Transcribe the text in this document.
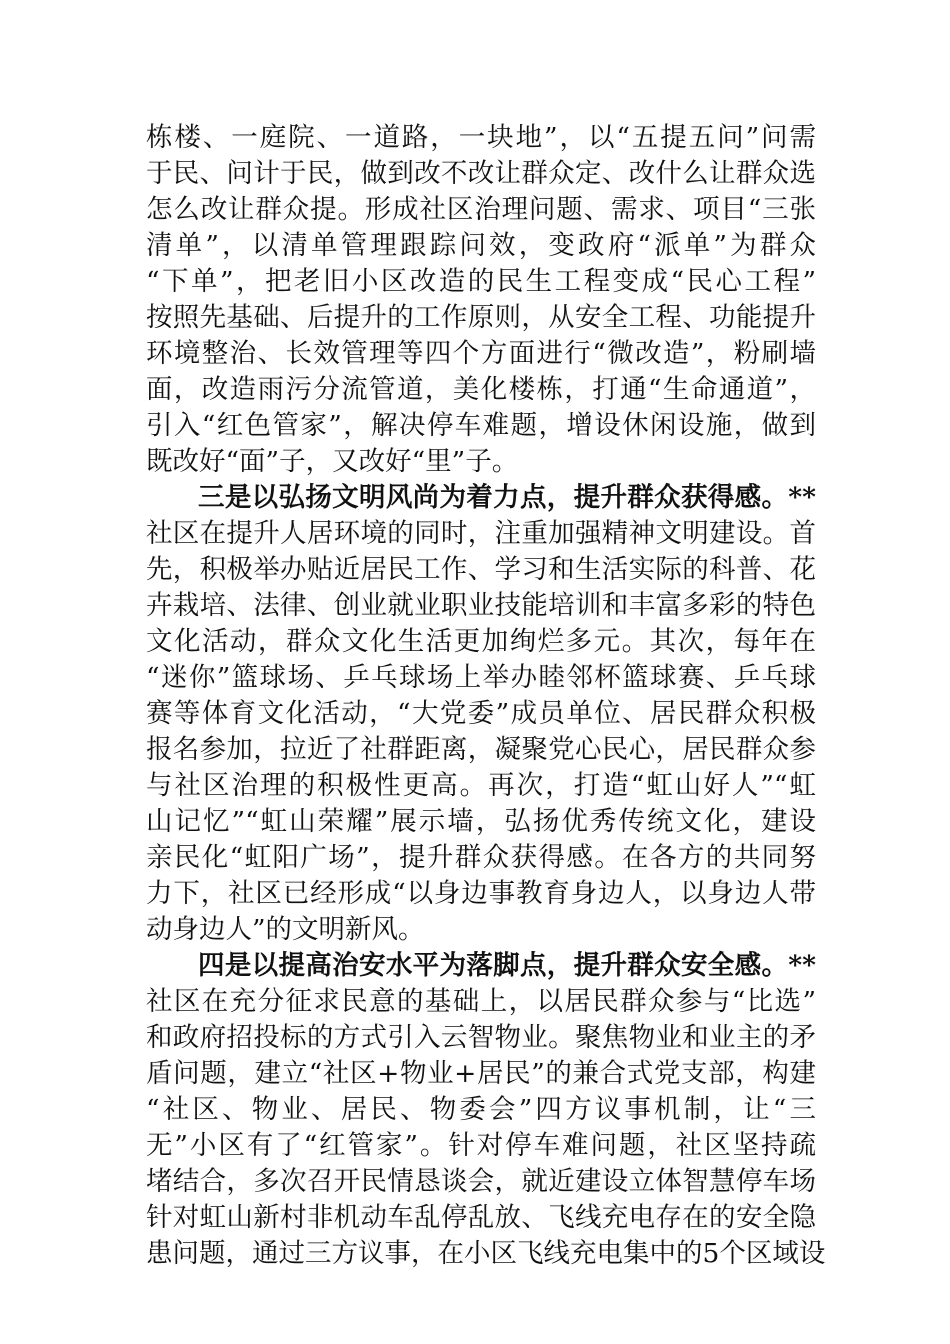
栋楼、一庭院、一道路，一块地”，以“五提五问”问需
于民、问计于民，做到改不改让群众定、改什么让群众选
怎么改让群众提。形成社区治理问题、需求、项目“三张
清单”，以清单管理跟踪问效，变政府“派单”为群众
“下单”，把老旧小区改造的民生工程变成“民心工程”
按照先基础、后提升的工作原则，从安全工程、功能提升
环境整治、长效管理等四个方面进行“微改造”，粉刷墙
面，改造雨污分流管道，美化楼栋，打通“生命通道”，
引入“红色管家”，解决停车难题，增设休闲设施，做到
既改好“面”子，又改好“里”子。
三是以弘扬文明风尚为着力点，提升群众获得感。**
社区在提升人居环境的同时，注重加强精神文明建设。首
先，积极举办贴近居民工作、学习和生活实际的科普、花
卉栽培、法律、创业就业职业技能培训和丰富多彩的特色
文化活动，群众文化生活更加绚烂多元。其次，每年在
“迷你”篮球场、乒乓球场上举办睦邻杯篮球赛、乒乓球
赛等体育文化活动，“大党委”成员单位、居民群众积极
报名参加，拉近了社群距离，凝聚党心民心，居民群众参
与社区治理的积极性更高。再次，打造“虹山好人”“虹
山记忆”“虹山荣耀”展示墙，弘扬优秀传统文化，建设
亲民化“虹阳广场”，提升群众获得感。在各方的共同努
力下，社区已经形成“以身边事教育身边人，以身边人带
动身边人”的文明新风。
四是以提高治安水平为落脚点，提升群众安全感。**
社区在充分征求民意的基础上，以居民群众参与“比选”
和政府招投标的方式引入云智物业。聚焦物业和业主的矛
盾问题，建立“社区+物业+居民”的兼合式党支部，构建
“社区、物业、居民、物委会”四方议事机制，让“三
无”小区有了“红管家”。针对停车难问题，社区坚持疏
堵结合，多次召开民情恳谈会，就近建设立体智慧停车场
针对虹山新村非机动车乱停乱放、飞线充电存在的安全隐
患问题，通过三方议事，在小区飞线充电集中的5个区域设
